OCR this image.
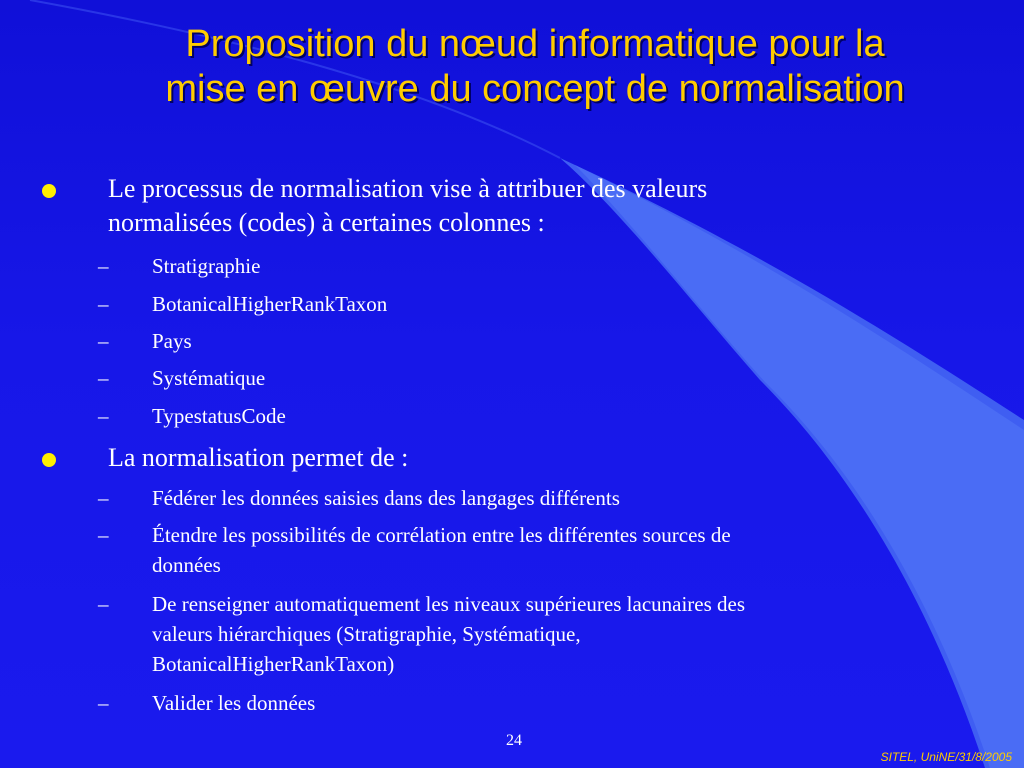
Proposition du nœud informatique pour la
mise en œuvre du concept de normalisation
Le processus de normalisation vise à attribuer des valeurs
normalisées (codes) à certaines colonnes :
– Stratigraphie
– BotanicalHigherRankTaxon
– Pays
– Systématique
– TypestatusCode
La normalisation permet de :
– Fédérer les données saisies dans des langages différents
– Étendre les possibilités de corrélation entre les différentes sources de
données
– De renseigner automatiquement les niveaux supérieures lacunaires des
valeurs hiérarchiques (Stratigraphie, Systématique,
BotanicalHigherRankTaxon)
– Valider les données
24
SITEL, UniNE/31/8/2005
